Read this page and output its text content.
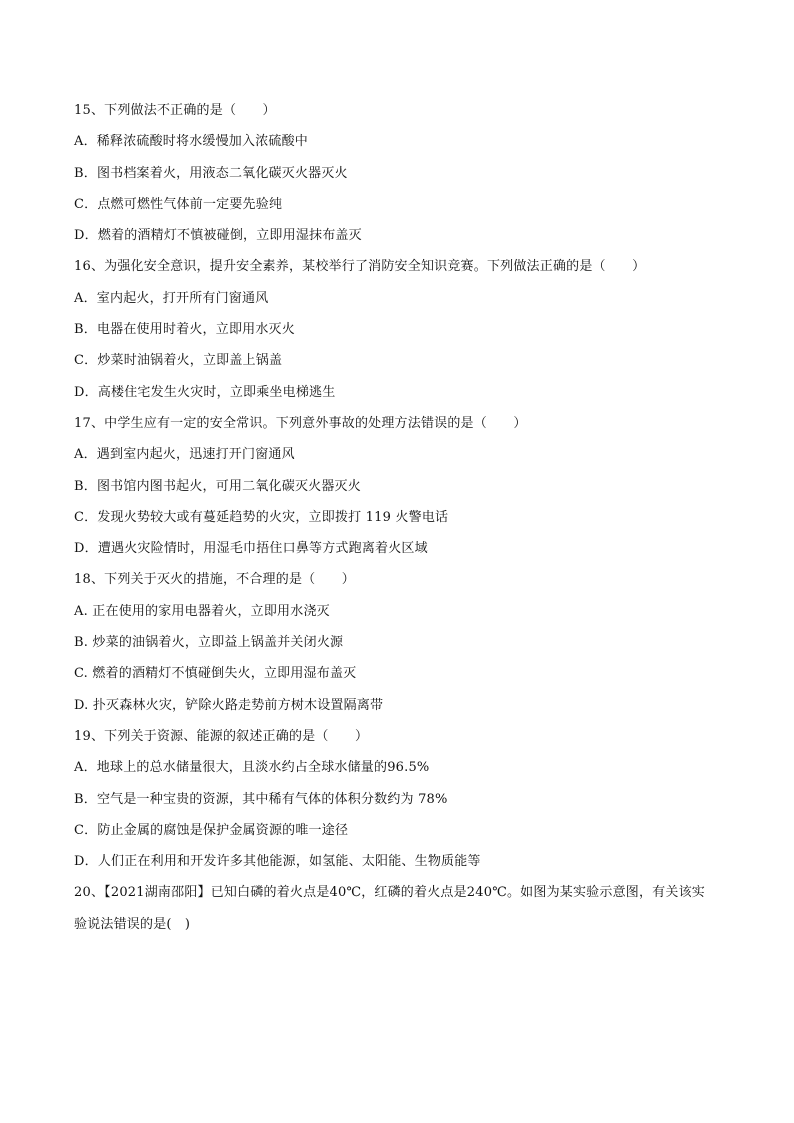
15、下列做法不正确的是（　　）
A．稀释浓硫酸时将水缓慢加入浓硫酸中
B．图书档案着火，用液态二氧化碳灭火器灭火
C．点燃可燃性气体前一定要先验纯
D．燃着的酒精灯不慎被碰倒，立即用湿抹布盖灭
16、为强化安全意识，提升安全素养，某校举行了消防安全知识竞赛。下列做法正确的是（　　）
A．室内起火，打开所有门窗通风
B．电器在使用时着火，立即用水灭火
C．炒菜时油锅着火，立即盖上锅盖
D．高楼住宅发生火灾时，立即乘坐电梯逃生
17、中学生应有一定的安全常识。下列意外事故的处理方法错误的是（　　）
A．遇到室内起火，迅速打开门窗通风
B．图书馆内图书起火，可用二氧化碳灭火器灭火
C．发现火势较大或有蔓延趋势的火灾，立即拨打 119 火警电话
D．遭遇火灾险情时，用湿毛巾捂住口鼻等方式跑离着火区域
18、下列关于灭火的措施，不合理的是（　　）
A. 正在使用的家用电器着火，立即用水浇灭
B. 炒菜的油锅着火，立即益上锅盖并关闭火源
C. 燃着的酒精灯不慎碰倒失火，立即用湿布盖灭
D. 扑灭森林火灾，铲除火路走势前方树木设置隔离带
19、下列关于资源、能源的叙述正确的是（　　）
A．地球上的总水储量很大，且淡水约占全球水储量的96.5%
B．空气是一种宝贵的资源，其中稀有气体的体积分数约为 78%
C．防止金属的腐蚀是保护金属资源的唯一途径
D．人们正在利用和开发许多其他能源，如氢能、太阳能、生物质能等
20、【2021湖南邵阳】已知白磷的着火点是40℃，红磷的着火点是240℃。如图为某实验示意图，有关该实
验说法错误的是(　)
